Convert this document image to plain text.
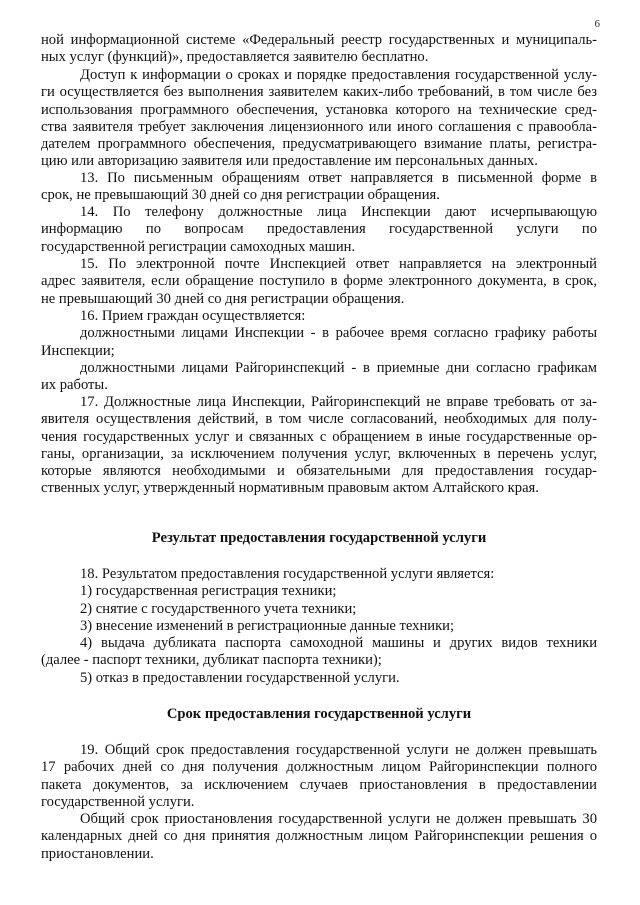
6
ной информационной системе «Федеральный реестр государственных и муниципаль-
ных услуг (функций)», предоставляется заявителю бесплатно.
Доступ к информации о сроках и порядке предоставления государственной услу-
ги осуществляется без выполнения заявителем каких-либо требований, в том числе без
использования программного обеспечения, установка которого на технические сред-
ства заявителя требует заключения лицензионного или иного соглашения с правообла-
дателем программного обеспечения, предусматривающего взимание платы, регистра-
цию или авторизацию заявителя или предоставление им персональных данных.
13. По письменным обращениям ответ направляется в письменной форме в
срок, не превышающий 30 дней со дня регистрации обращения.
14. По телефону должностные лица Инспекции дают исчерпывающую
информацию по вопросам предоставления государственной услуги по
государственной регистрации самоходных машин.
15. По электронной почте Инспекцией ответ направляется на электронный
адрес заявителя, если обращение поступило в форме электронного документа, в срок,
не превышающий 30 дней со дня регистрации обращения.
16. Прием граждан осуществляется:
должностными лицами Инспекции - в рабочее время согласно графику работы
Инспекции;
должностными лицами Райгоринспекций - в приемные дни согласно графикам
их работы.
17. Должностные лица Инспекции, Райгоринспекций не вправе требовать от за-
явителя осуществления действий, в том числе согласований, необходимых для полу-
чения государственных услуг и связанных с обращением в иные государственные ор-
ганы, организации, за исключением получения услуг, включенных в перечень услуг,
которые являются необходимыми и обязательными для предоставления государ-
ственных услуг, утвержденный нормативным правовым актом Алтайского края.
Результат предоставления государственной услуги
18. Результатом предоставления государственной услуги является:
1) государственная регистрация техники;
2) снятие с государственного учета техники;
3) внесение изменений в регистрационные данные техники;
4) выдача дубликата паспорта самоходной машины и других видов техники
(далее - паспорт техники, дубликат паспорта техники);
5) отказ в предоставлении государственной услуги.
Срок предоставления государственной услуги
19. Общий срок предоставления государственной услуги не должен превышать
17 рабочих дней со дня получения должностным лицом Райгоринспекции полного
пакета документов, за исключением случаев приостановления в предоставлении
государственной услуги.
Общий срок приостановления государственной услуги не должен превышать 30
календарных дней со дня принятия должностным лицом Райгоринспекции решения о
приостановлении.
